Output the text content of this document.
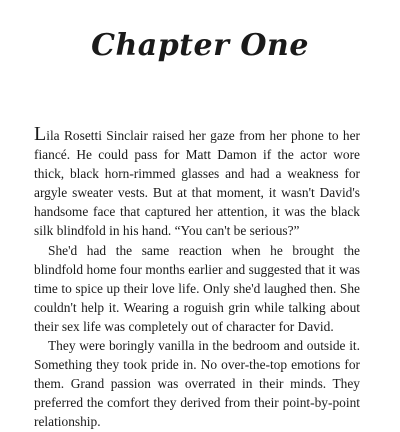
Chapter One

Lila Rosetti Sinclair raised her gaze from her phone to her fiancé. He could pass for Matt Damon if the actor wore thick, black horn-rimmed glasses and had a weakness for argyle sweater vests. But at that moment, it wasn't David's handsome face that captured her attention, it was the black silk blindfold in his hand. “You can't be serious?”

She'd had the same reaction when he brought the blindfold home four months earlier and suggested that it was time to spice up their love life. Only she'd laughed then. She couldn't help it. Wearing a roguish grin while talking about their sex life was completely out of character for David.

They were boringly vanilla in the bedroom and outside it. Something they took pride in. No over-the-top emotions for them. Grand passion was overrated in their minds. They preferred the comfort they derived from their point-by-point relationship.
